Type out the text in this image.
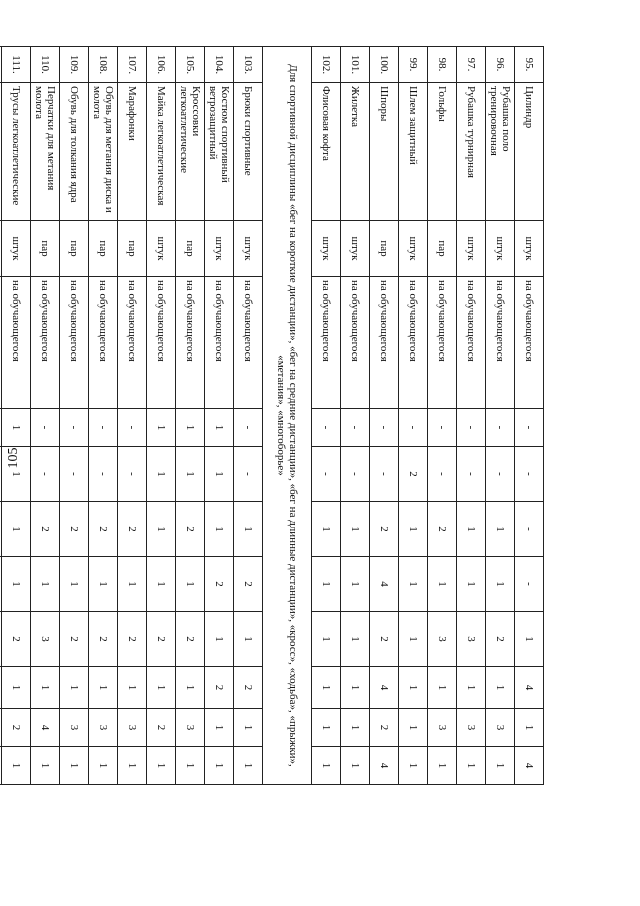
105
95.	Цилиндр	штук	на обучающегося	-	-	-	-	1	4	1	4
96.	Рубашка поло тренировочная	штук	на обучающегося	-	-	1	1	2	1	3	1
97.	Рубашка турнирная	штук	на обучающегося	-	-	1	1	3	1	3	1
98.	Гольфы	пар	на обучающегося	-	-	2	1	3	1	3	1
99.	Шлем защитный	штук	на обучающегося	-	2	1	1	1	1	1	1
100.	Шпоры	пар	на обучающегося	-	-	2	4	2	4	2	4
101.	Жилетка	штук	на обучающегося	-	-	1	1	1	1	1	1
102.	Флисовая кофта	штук	на обучающегося	-	-	1	1	1	1	1	1
Для спортивной дисциплины «бег на короткие дистанции», «бег на средние дистанции», «бег на длинные дистанции», «кросс», «ходьба», «прыжки», «метания», «многоборье»											
103.	Брюки спортивные	штук	на обучающегося	-	-	1	2	1	2	1	1
104.	Костюм спортивный ветрозащитный	штук	на обучающегося	1	1	1	2	1	2	1	1
105.	Кроссовки легкоатлетические	пар	на обучающегося	1	1	2	1	2	1	3	1
106.	Майка легкоатлетическая	штук	на обучающегося	1	1	1	1	2	1	2	1
107.	Марафонки	пар	на обучающегося	-	-	2	1	2	1	3	1
108.	Обувь для метания диска и молота	пар	на обучающегося	-	-	2	1	2	1	3	1
109.	Обувь для толкания ядра	пар	на обучающегося	-	-	2	1	2	1	3	1
110.	Перчатки для метания молота	пар	на обучающегося	-	-	2	1	3	1	4	1
111.	Трусы легкоатлетические	штук	на обучающегося	1	1	1	1	2	1	2	1
